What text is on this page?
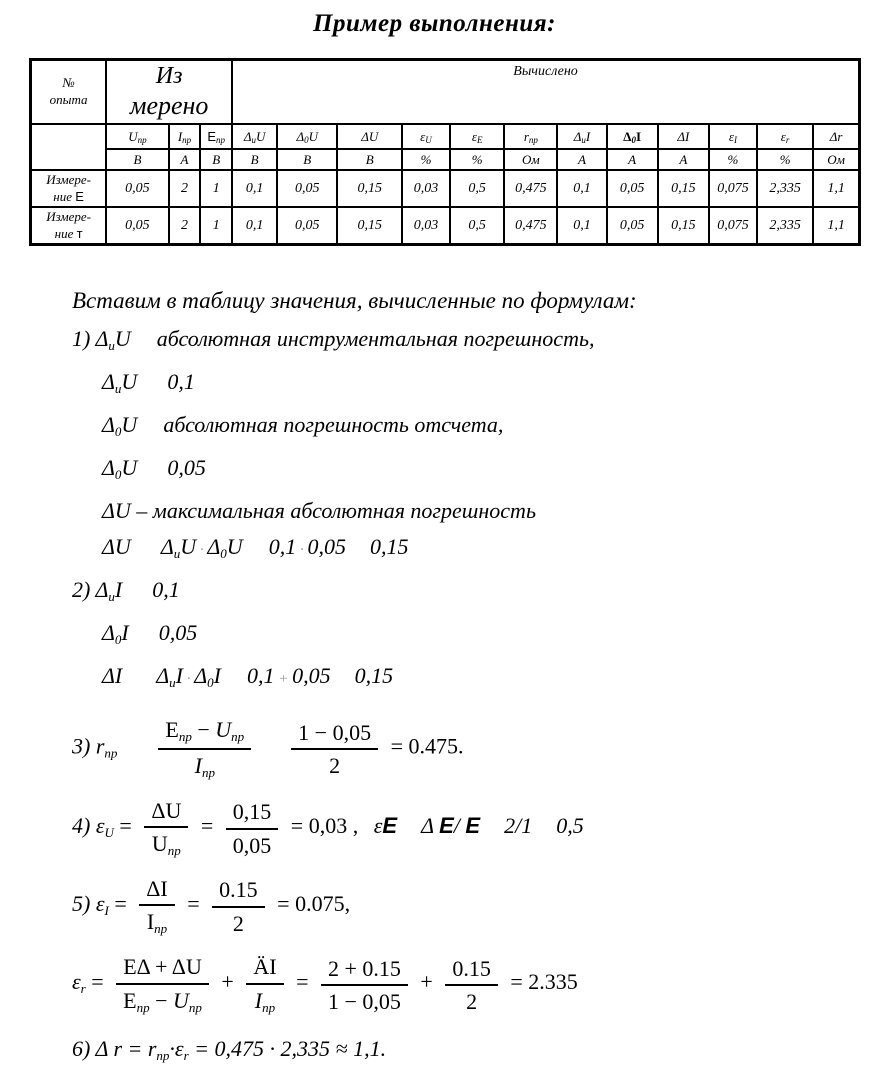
Пример выполнения:
№
опыта

Из
мерено
	Вычислено
	Uпр	Iпр	Eпр	ΔиU	Δ0U	ΔU	εU	εE	rпр	ΔиI	Δ0I	ΔI	εI	εr	Δr
	В	А	В	В	В	В	%	%	Ом	А	А	А	%	%	Ом

Измере-
ние Е	0,05	2	1	0,1	0,05	0,15	0,03	0,5	0,475	0,1	0,05	0,15	0,075	2,335	1,1

Измере-
ние т	0,05	2	1	0,1	0,05	0,15	0,03	0,5	0,475	0,1	0,05	0,15	0,075	2,335	1,1
Вставим в таблицу значения, вычисленные по формулам:
1) $\Delta_иU$ абсолютная инструментальная погрешность,
$\Delta_иU$ 0,1
$\Delta_0U$ абсолютная погрешность отсчета,
$\Delta_0U$ 0,05
ΔU – максимальная абсолютная погрешность
ΔU $\Delta_иU \cdot \Delta_0U$ 0,1 · 0,05 0,15
2) $\Delta_иI$ 0,1
$\Delta_0I$ 0,05
ΔI $\Delta_иI \cdot \Delta_0I$ 0,1 + 0,05 0,15
3) $r_{пр} \frac{E_{пр} - U_{пр}}{I_{пр}} \frac{1 - 0,05}{2} = 0.475$.
4) $\varepsilon_U = \frac{\Delta U}{U_{пр}} = \frac{0,15}{0,05} = 0,03$ , εE Δ E/ E 2/1 0,5
5) $\varepsilon_I = \frac{\Delta I}{I_{пр}} = \frac{0.15}{2} = 0.075$,
$\varepsilon_r = \frac{Е\Delta + \Delta U}{E_{пр} - U_{пр}} + \frac{ÄI}{I_{пр}} = \frac{2 + 0.15}{1 - 0,05} + \frac{0.15}{2} = 2.335$
6) Δ $r = r_{пр}\cdot\varepsilon_r = 0,475 \cdot 2,335 \approx 1,1$.
